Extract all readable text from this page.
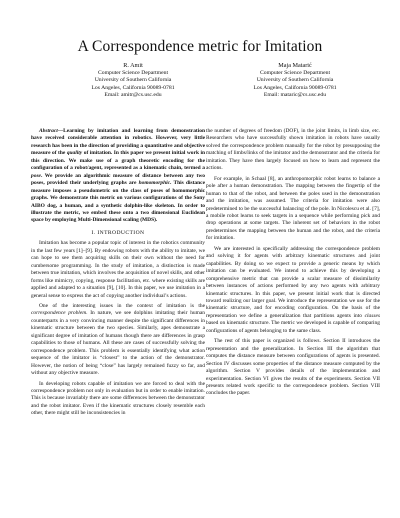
A Correspondence metric for Imitation
R. Amit
Computer Science Department
University of Southern California
Los Angeles, California 90089-0781
Email: amitr@cs.usc.edu
Maja Matarić
Computer Science Department
University of Southern California
Los Angeles, California 90089-0781
Email: mataric@cs.usc.edu

Abstract—Learning by imitation and learning from demonstration have received considerable attention in robotics. However, very little research has been in the direction of providing a quantitative and objective measure of the quality of imitation. In this paper we present initial work in this direction. We make use of a graph theoretic encoding for the configuration of a robot/agent, represented as a kinematic chain, termed a pose. We provide an algorithmic measure of distance between any two poses, provided their underlying graphs are homomorphic. This distance measure imposes a pseudometric on the class of poses of homomorphic graphs. We demonstrate this metric on various configurations of the Sony AIBO dog, a human, and a synthetic dolphin-like skeleton. In order to illustrate the metric, we embed these onto a two dimensional Euclidean space by employing Multi-Dimensional scaling (MDS).

I. INTRODUCTION

Imitation has become a popular topic of interest in the robotics community in the last few years [1]–[9]. By endowing robots with the ability to imitate, we can hope to see them acquiring skills on their own without the need for cumbersome programming. In the study of imitation, a distinction is made between true imitation, which involves the acquisition of novel skills, and other forms like mimicry, copying, response facilitation, etc. where existing skills are applied and adapted to a situation [9], [10]. In this paper, we use imitation in a general sense to express the act of copying another individual’s actions.

One of the interesting issues in the context of imitation is the correspondence problem. In nature, we see dolphins imitating their human counterparts in a very convincing manner despite the significant differences in kinematic structure between the two species. Similarly, apes demonstrate a significant degree of imitation of humans though there are differences in grasp capabilities to those of humans. All these are cases of successfully solving the correspondence problem. This problem is essentially identifying what action sequence of the imitator is “closest” to the action of the demonstrator. However, the notion of being “close” has largely remained fuzzy so far, and without any objective measure.

In developing robots capable of imitation we are forced to deal with the correspondence problem not only in evaluation but in order to enable imitation. This is because invariably there are some differences between the demonstrator and the robot imitator. Even if the kinematic structures closely resemble each other, there might still be inconsistencies in

the number of degrees of freedom (DOF), in the joint limits, in limb size, etc. Researchers who have successfully shown imitation in robots have usually solved the correspondence problem manually for the robot by presupposing the matching of limbs/links of the imitator and the demonstrator and the criteria for imitation. They have then largely focused on how to learn and represent the actions.

For example, in Schaal [8], an anthropomorphic robot learns to balance a pole after a human demonstration. The mapping between the fingertip of the human to that of the robot, and between the poles used in the demonstration and the imitation, was assumed. The criteria for imitation were also predetermined to be the successful balancing of the pole. In Nicolescu et al. [7], a mobile robot learns to seek targets in a sequence while performing pick and drop operations at some targets. The inherent set of behaviors in the robot predetermines the mapping between the human and the robot, and the criteria for imitation.

We are interested in specifically addressing the correspondence problem and solving it for agents with arbitrary kinematic structures and joint capabilities. By doing so we expect to provide a generic means by which imitation can be evaluated. We intend to achieve this by developing a comprehensive metric that can provide a scalar measure of dissimilarity between instances of actions performed by any two agents with arbitrary kinematic structures. In this paper, we present initial work that is directed toward realizing our larger goal. We introduce the representation we use for the kinematic structure, and for encoding configuration. On the basis of the representation we define a generalization that partitions agents into classes based on kinematic structure. The metric we developed is capable of comparing configurations of agents belonging to the same class.

The rest of this paper is organized is follows. Section II introduces the representation and the generalization. In Section III the algorithm that computes the distance measure between configurations of agents is presented. Section IV discusses some properties of the distance measure computed by the algorithm. Section V provides details of the implementation and experimentation. Section VI gives the results of the experiments. Section VII presents related work specific to the correspondence problem. Section VIII concludes the paper.
